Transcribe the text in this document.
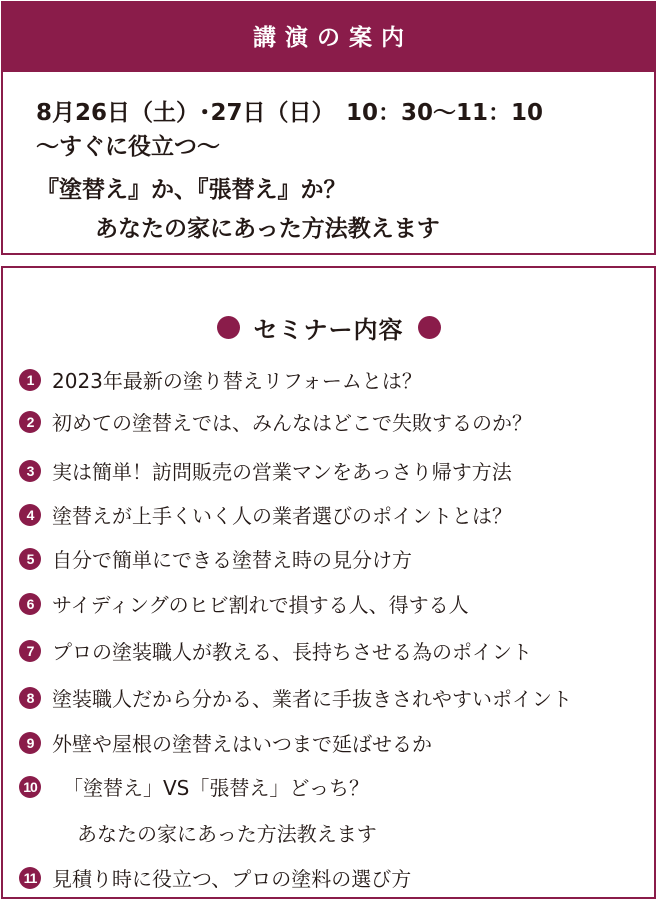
講演の案内
8月26日（土）･27日（日）　10：30〜11：10
〜すぐに役立つ〜
『塗替え』か、『張替え』か？
あなたの家にあった方法教えます
セミナー内容
1 2023年最新の塗り替えリフォームとは？
2 初めての塗替えでは、みんなはどこで失敗するのか？
3 実は簡単！訪問販売の営業マンをあっさり帰す方法
4 塗替えが上手くいく人の業者選びのポイントとは？
5 自分で簡単にできる塗替え時の見分け方
6 サイディングのヒビ割れで損する人、得する人
7 プロの塗装職人が教える、長持ちさせる為のポイント
8 塗装職人だから分かる、業者に手抜きされやすいポイント
9 外壁や屋根の塗替えはいつまで延ばせるか
10 「塗替え」VS「張替え」どっち？
あなたの家にあった方法教えます
11 見積り時に役立つ、プロの塗料の選び方
